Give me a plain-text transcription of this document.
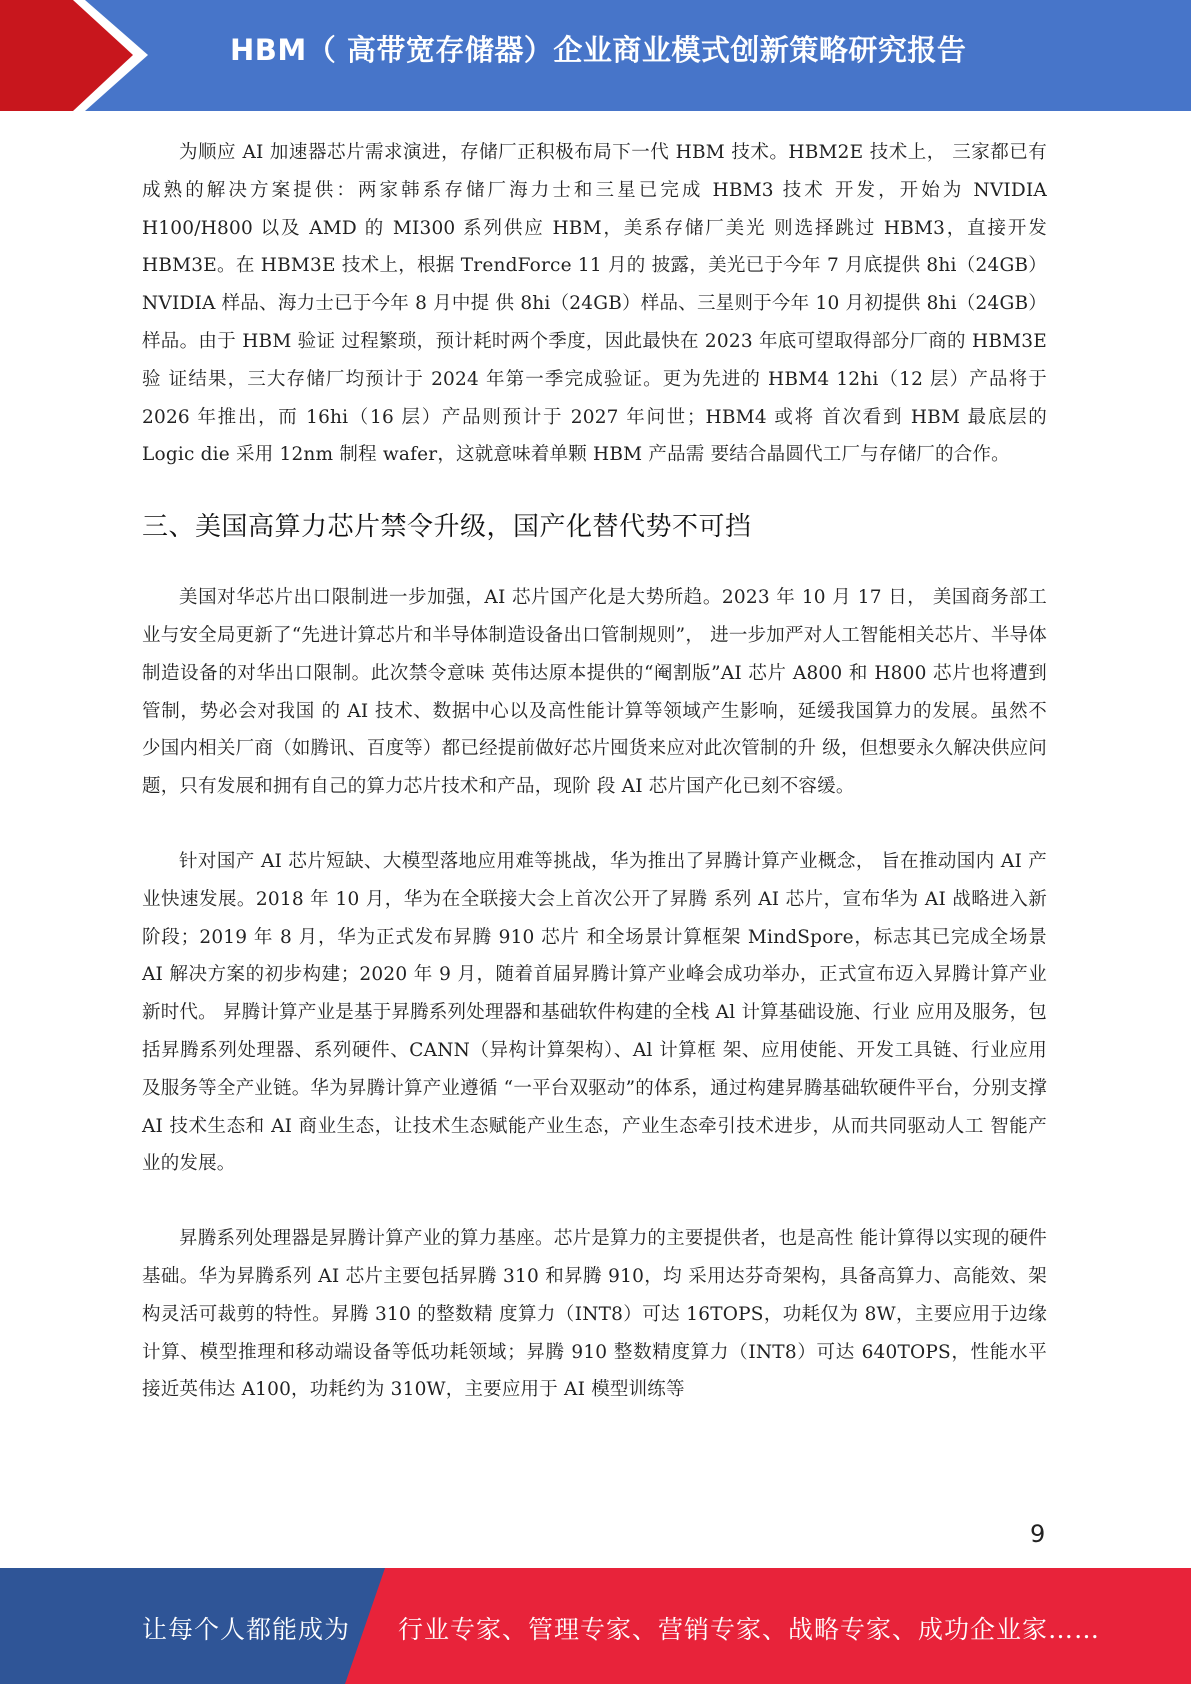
HBM（ 高带宽存储器）企业商业模式创新策略研究报告

为顺应 AI 加速器芯片需求演进，存储厂正积极布局下一代 HBM 技术。HBM2E 技术上， 三家都已有成熟的解决方案提供：两家韩系存储厂海力士和三星已完成 HBM3 技术 开发，开始为 NVIDIA H100/H800 以及 AMD 的 MI300 系列供应 HBM，美系存储厂美光 则选择跳过 HBM3，直接开发 HBM3E。在 HBM3E 技术上，根据 TrendForce 11 月的 披露，美光已于今年 7 月底提供 8hi（24GB）NVIDIA 样品、海力士已于今年 8 月中提 供 8hi（24GB）样品、三星则于今年 10 月初提供 8hi（24GB）样品。由于 HBM 验证 过程繁琐，预计耗时两个季度，因此最快在 2023 年底可望取得部分厂商的 HBM3E 验 证结果，三大存储厂均预计于 2024 年第一季完成验证。更为先进的 HBM4 12hi（12 层）产品将于 2026 年推出，而 16hi（16 层）产品则预计于 2027 年问世；HBM4 或将 首次看到 HBM 最底层的 Logic die 采用 12nm 制程 wafer，这就意味着单颗 HBM 产品需 要结合晶圆代工厂与存储厂的合作。

三、美国高算力芯片禁令升级，国产化替代势不可挡

美国对华芯片出口限制进一步加强，AI 芯片国产化是大势所趋。2023 年 10 月 17 日， 美国商务部工业与安全局更新了“先进计算芯片和半导体制造设备出口管制规则”， 进一步加严对人工智能相关芯片、半导体制造设备的对华出口限制。此次禁令意味 英伟达原本提供的“阉割版”AI 芯片 A800 和 H800 芯片也将遭到管制，势必会对我国 的 AI 技术、数据中心以及高性能计算等领域产生影响，延缓我国算力的发展。虽然不 少国内相关厂商（如腾讯、百度等）都已经提前做好芯片囤货来应对此次管制的升 级，但想要永久解决供应问题，只有发展和拥有自己的算力芯片技术和产品，现阶 段 AI 芯片国产化已刻不容缓。

针对国产 AI 芯片短缺、大模型落地应用难等挑战，华为推出了昇腾计算产业概念， 旨在推动国内 AI 产业快速发展。2018 年 10 月，华为在全联接大会上首次公开了昇腾 系列 AI 芯片，宣布华为 AI 战略进入新阶段；2019 年 8 月，华为正式发布昇腾 910 芯片 和全场景计算框架 MindSpore，标志其已完成全场景 AI 解决方案的初步构建；2020 年 9 月，随着首届昇腾计算产业峰会成功举办，正式宣布迈入昇腾计算产业新时代。 昇腾计算产业是基于昇腾系列处理器和基础软件构建的全栈 Al 计算基础设施、行业 应用及服务，包括昇腾系列处理器、系列硬件、CANN（异构计算架构）、Al 计算框 架、应用使能、开发工具链、行业应用及服务等全产业链。华为昇腾计算产业遵循 “一平台双驱动”的体系，通过构建昇腾基础软硬件平台，分别支撑 AI 技术生态和 AI 商业生态，让技术生态赋能产业生态，产业生态牵引技术进步，从而共同驱动人工 智能产业的发展。

昇腾系列处理器是昇腾计算产业的算力基座。芯片是算力的主要提供者，也是高性 能计算得以实现的硬件基础。华为昇腾系列 AI 芯片主要包括昇腾 310 和昇腾 910，均 采用达芬奇架构，具备高算力、高能效、架构灵活可裁剪的特性。昇腾 310 的整数精 度算力（INT8）可达 16TOPS，功耗仅为 8W，主要应用于边缘计算、模型推理和移动端设备等低功耗领域；昇腾 910 整数精度算力（INT8）可达 640TOPS，性能水平 接近英伟达 A100，功耗约为 310W，主要应用于 AI 模型训练等

9
让每个人都能成为 行业专家、管理专家、营销专家、战略专家、成功企业家……
